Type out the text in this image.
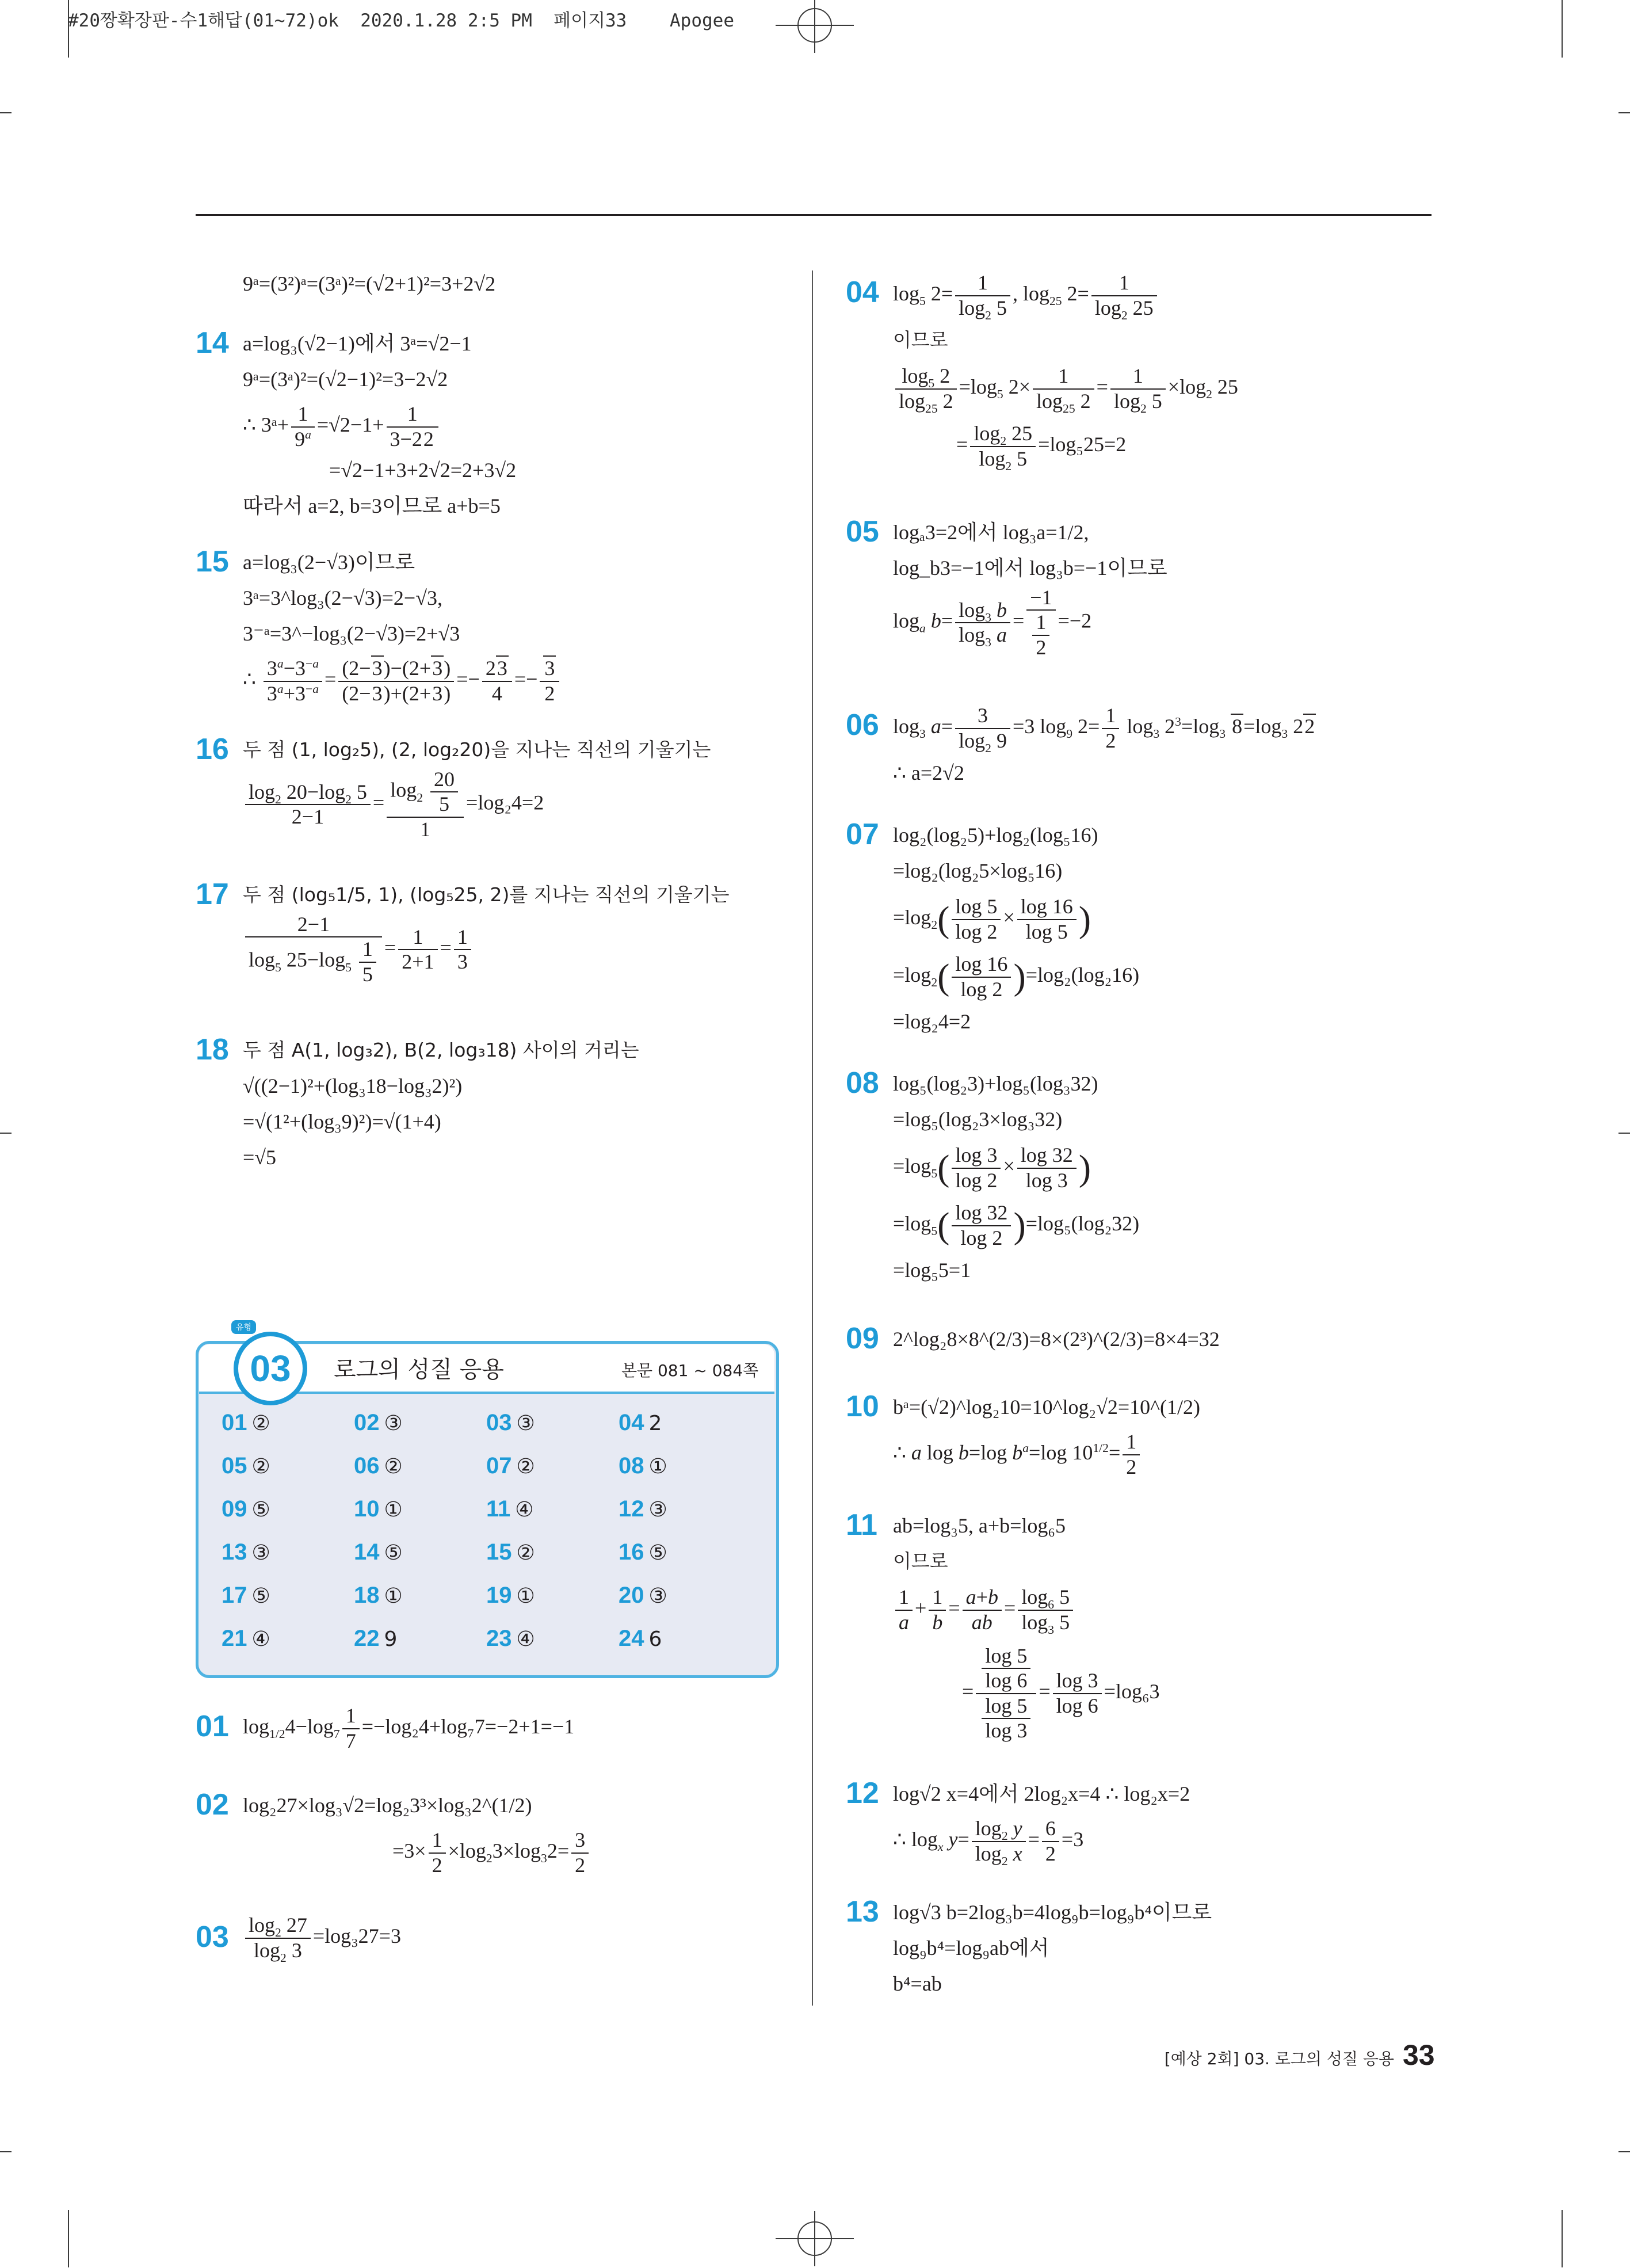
#20짱확장판-수1해답(01~72)ok  2020.1.28 2:5 PM  페이지33    Apogee
9ᵃ=(3²)ᵃ=(3ᵃ)²=(√2+1)²=3+2√2
14 a=log₃(√2−1)에서 3ᵃ=√2−1
9ᵃ=(3ᵃ)²=(√2−1)²=3−2√2
∴ 3ᵃ+ $\frac{1}{9^a} =√2-1+ \frac{1}{3-22}$
=√2−1+3+2√2=2+3√2
따라서 a=2, b=3이므로 a+b=5
15 a=log₃(2−√3)이므로
3ᵃ=3^log₃(2−√3)=2−√3,
3⁻ᵃ=3^−log₃(2−√3)=2+√3
∴ $\frac{3^a-3^{-a}}{3^a+3^{-a}} = \frac{(2-3)-(2+3)}{(2-3)+(2+3)} =- \frac{23}{4} =- \frac{3}{2}$
16 두 점 (1, log₂5), (2, log₂20)을 지나는 직선의 기울기는
$\frac{\log_2 20-\log_2 5}{2-1} = \frac{\log_2 \frac{20}{5}}{1} =\log_24=2$
17 두 점 (log₅1/5, 1), (log₅25, 2)를 지나는 직선의 기울기는
$\frac{2-1}{\log_5 25-\log_5 \frac{1}{5}} = \frac{1}{2+1} = \frac{1}{3}$
18 두 점 A(1, log₃2), B(2, log₃18) 사이의 거리는
√((2−1)²+(log₃18−log₃2)²)
=√(1²+(log₃9)²)=√(1+4)
=√5
03
유형
로그의 성질 응용	본문 081 ~ 084쪽
01 ②	02 ③	03 ③	04 2
05 ②	06 ②	07 ②	08 ①
09 ⑤	10 ①	11 ④	12 ③
13 ③	14 ⑤	15 ②	16 ⑤
17 ⑤	18 ①	19 ①	20 ③
21 ④	22 9	23 ④	24 6
01 $\log_{1/2}4-\log_7 \frac{1}{7} =-\log_24+\log_77=-2+1=-1$
02 log₂27×log₃√2=log₂3³×log₃2^(1/2)
$=3\times \frac{1}{2} \times\log_23\times\log_32= \frac{3}{2}$
$03 \frac{\log_2 27}{\log_2 3} =\log_327=3$
04 $\log_5 2= \frac{1}{\log_2 5}$ , $\log_{25} 2= \frac{1}{\log_2 25}$
이므로
$\frac{\log_5 2}{\log_{25} 2} =\log_5$ $2\times \frac{1}{\log_{25} 2} = \frac{1}{\log_2 5} \times\log_2$ 25
= $\frac{\log_2 25}{\log_2 5} =\log_525=2$
05 logₐ3=2에서 log₃a=1/2,
log_b3=−1에서 log₃b=−1이므로
$\log_a b= \frac{\log_3 b}{\log_3 a} = \frac{-1}{\frac{1}{2}} =-2$
06 $\log_3 a= \frac{3}{\log_2 9} =3$ $\log_9 2= \frac{1}{2} \log_3 2^3=\log_3$ $8=\log_3$ 22
∴ a=2√2
07 log₂(log₂5)+log₂(log₅16)
=log₂(log₂5×log₅16)
$=\log_2( \frac{\log 5}{\log 2} \times \frac{\log 16}{\log 5}$ )
$=\log_2( \frac{\log 16}{\log 2} )=\log_2(\log_216)$
=log₂4=2
08 log₅(log₂3)+log₅(log₃32)
=log₅(log₂3×log₃32)
$=\log_5( \frac{\log 3}{\log 2} \times \frac{\log 32}{\log 3}$ )
$=\log_5( \frac{\log 32}{\log 2} )=\log_5(\log_232)$
=log₅5=1
09 2^log₂8×8^(2/3)=8×(2³)^(2/3)=8×4=32
10 bᵃ=(√2)^log₂10=10^log₂√2=10^(1/2)
∴ a log b=log $b^a=\log$ $10^{1/2}= \frac{1}{2}$
11 ab=log₃5, a+b=log₆5
이므로
$\frac{1}{a} + \frac{1}{b} = \frac{a+b}{ab} = \frac{\log_6 5}{\log_3 5}$
= $\frac{\frac{\log 5}{\log 6}}{\frac{\log 5}{\log 3}} = \frac{\log 3}{\log 6} =\log_63$
12 log√2 x=4에서 2log₂x=4 ∴ log₂x=2
∴ $\log_x y= \frac{\log_2 y}{\log_2 x} = \frac{6}{2} =3$
13 log√3 b=2log₃b=4log₉b=log₉b⁴이므로
log₉b⁴=log₉ab에서
b⁴=ab
[예상 2회] 03. 로그의 성질 응용 33
